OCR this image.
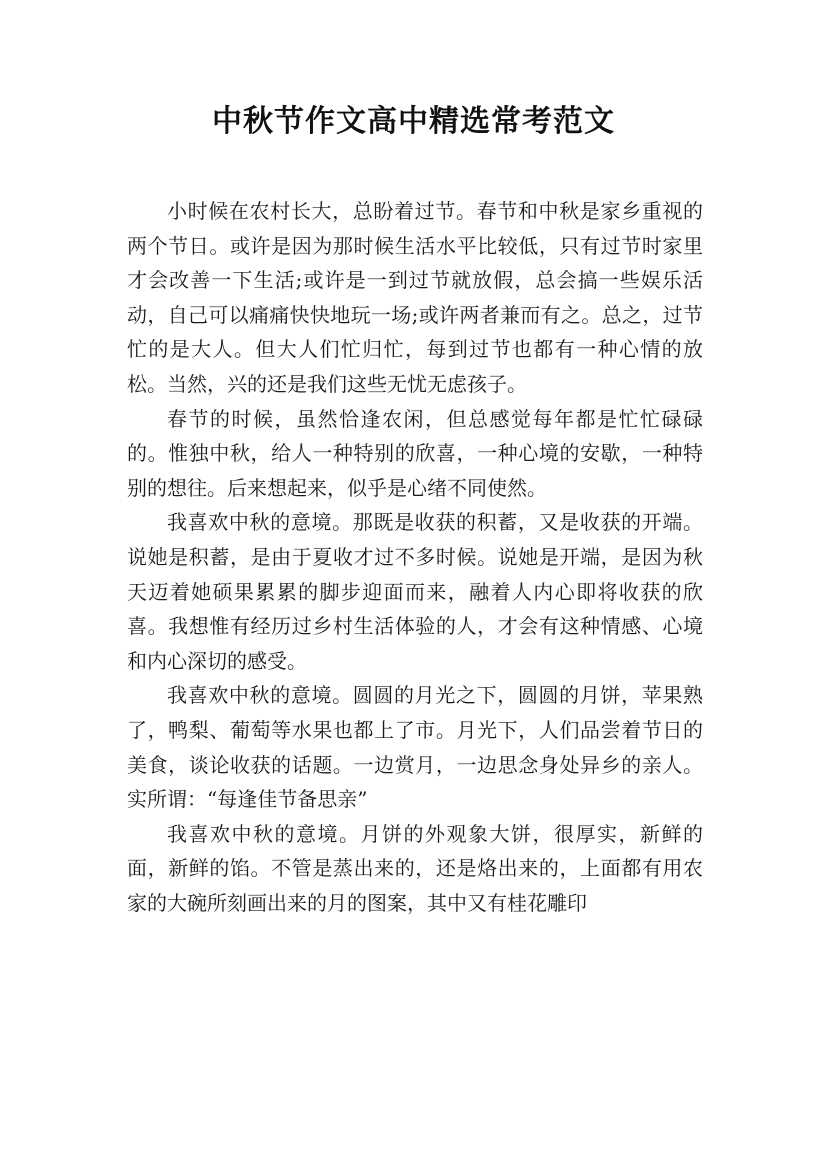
中秋节作文高中精选常考范文

小时候在农村长大，总盼着过节。春节和中秋是家乡重视的两个节日。或许是因为那时候生活水平比较低，只有过节时家里才会改善一下生活;或许是一到过节就放假，总会搞一些娱乐活动，自己可以痛痛快快地玩一场;或许两者兼而有之。总之，过节忙的是大人。但大人们忙归忙，每到过节也都有一种心情的放松。当然，兴的还是我们这些无忧无虑孩子。

春节的时候，虽然恰逢农闲，但总感觉每年都是忙忙碌碌的。惟独中秋，给人一种特别的欣喜，一种心境的安歇，一种特别的想往。后来想起来，似乎是心绪不同使然。

我喜欢中秋的意境。那既是收获的积蓄，又是收获的开端。说她是积蓄，是由于夏收才过不多时候。说她是开端，是因为秋天迈着她硕果累累的脚步迎面而来，融着人内心即将收获的欣喜。我想惟有经历过乡村生活体验的人，才会有这种情感、心境和内心深切的感受。

我喜欢中秋的意境。圆圆的月光之下，圆圆的月饼，苹果熟了，鸭梨、葡萄等水果也都上了市。月光下，人们品尝着节日的美食，谈论收获的话题。一边赏月，一边思念身处异乡的亲人。实所谓：“每逢佳节备思亲”

我喜欢中秋的意境。月饼的外观象大饼，很厚实，新鲜的面，新鲜的馅。不管是蒸出来的，还是烙出来的，上面都有用农家的大碗所刻画出来的月的图案，其中又有桂花雕印
